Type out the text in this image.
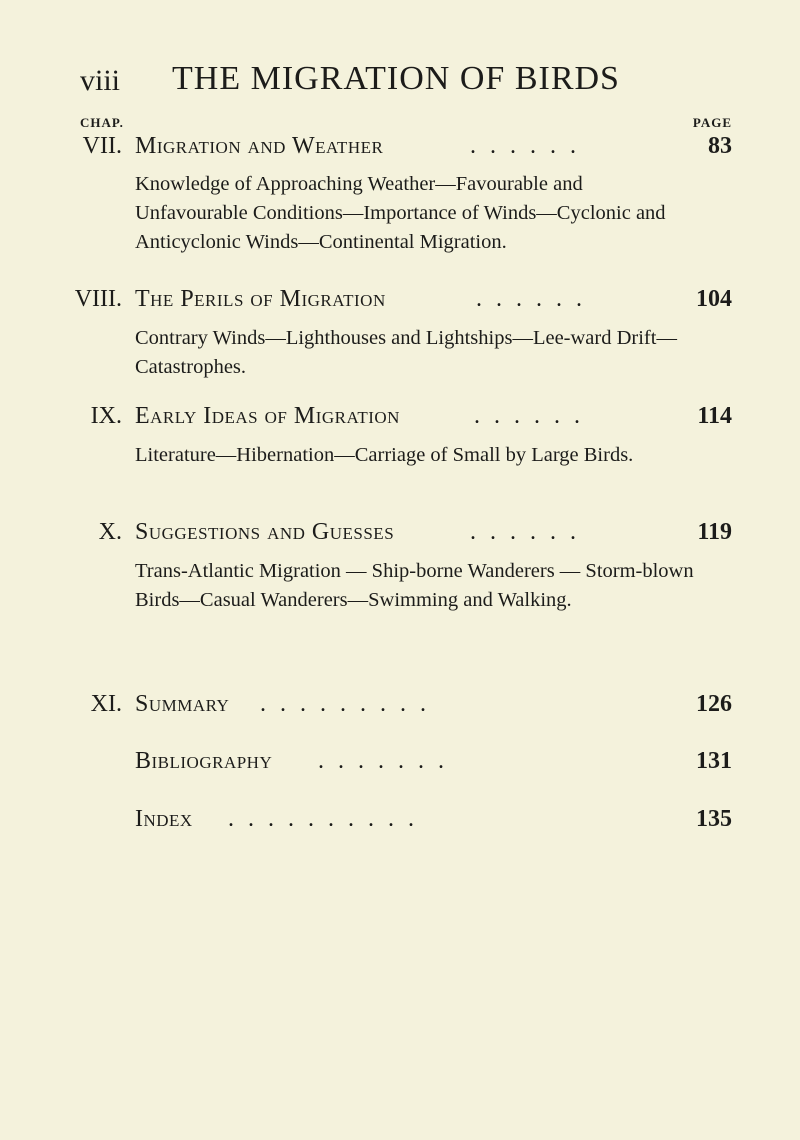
viii THE MIGRATION OF BIRDS
CHAP.	PAGE
VII. Migration and Weather	......	83
Knowledge of Approaching Weather—Favourable and Unfavourable Conditions—Importance of Winds—Cyclonic and Anticyclonic Winds—Continental Migration.
VIII. The Perils of Migration	......	104
Contrary Winds—Lighthouses and Lightships—Lee-ward Drift—Catastrophes.
IX. Early Ideas of Migration	......	114
Literature—Hibernation—Carriage of Small by Large Birds.
X. Suggestions and Guesses	......	119
Trans-Atlantic Migration — Ship-borne Wanderers — Storm-blown Birds—Casual Wanderers—Swimming and Walking.
XI. Summary .........	126
Bibliography .......	131
Index ..........	135
